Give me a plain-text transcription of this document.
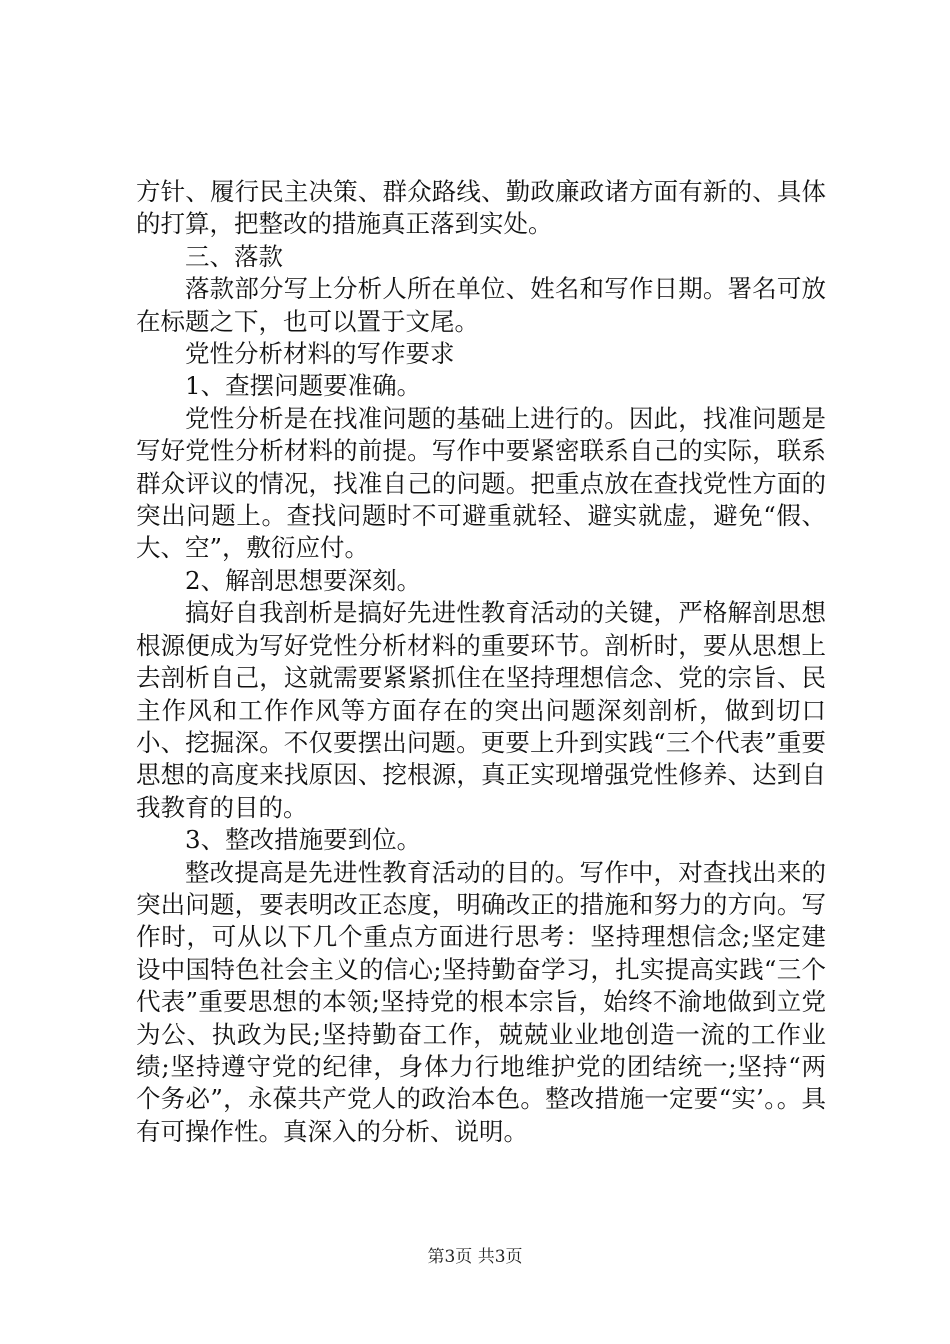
方针、履行民主决策、群众路线、勤政廉政诸方面有新的、具体的打算，把整改的措施真正落到实处。

三、落款

落款部分写上分析人所在单位、姓名和写作日期。署名可放在标题之下，也可以置于文尾。

党性分析材料的写作要求

1、查摆问题要准确。

党性分析是在找准问题的基础上进行的。因此，找准问题是写好党性分析材料的前提。写作中要紧密联系自己的实际，联系群众评议的情况，找准自己的问题。把重点放在查找党性方面的突出问题上。查找问题时不可避重就轻、避实就虚，避免“假、大、空”，敷衍应付。

2、解剖思想要深刻。

搞好自我剖析是搞好先进性教育活动的关键，严格解剖思想根源便成为写好党性分析材料的重要环节。剖析时，要从思想上去剖析自己，这就需要紧紧抓住在坚持理想信念、党的宗旨、民主作风和工作作风等方面存在的突出问题深刻剖析，做到切口小、挖掘深。不仅要摆出问题。更要上升到实践“三个代表”重要思想的高度来找原因、挖根源，真正实现增强党性修养、达到自我教育的目的。

3、整改措施要到位。

整改提高是先进性教育活动的目的。写作中，对查找出来的突出问题，要表明改正态度，明确改正的措施和努力的方向。写作时，可从以下几个重点方面进行思考：坚持理想信念;坚定建设中国特色社会主义的信心;坚持勤奋学习，扎实提高实践“三个代表”重要思想的本领;坚持党的根本宗旨，始终不渝地做到立党为公、执政为民;坚持勤奋工作，兢兢业业地创造一流的工作业绩;坚持遵守党的纪律，身体力行地维护党的团结统一;坚持“两个务必”，永葆共产党人的政治本色。整改措施一定要“实’。。具有可操作性。真深入的分析、说明。

第3页 共3页
